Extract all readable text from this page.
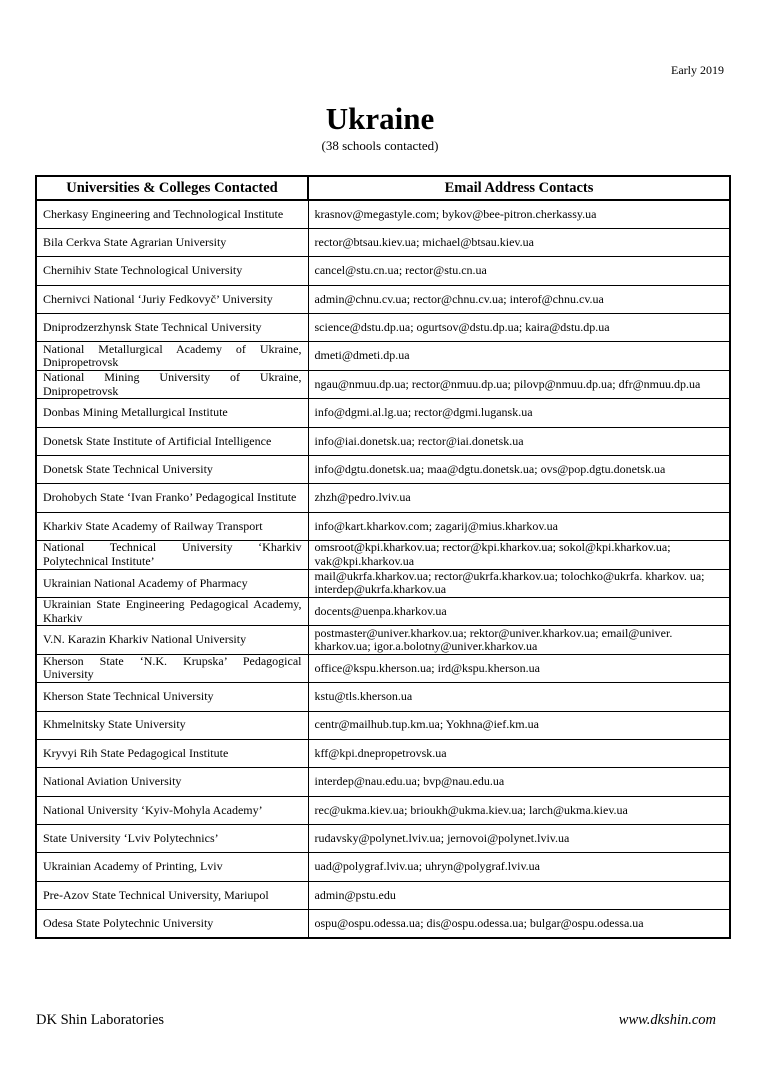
Early 2019
Ukraine
(38 schools contacted)
Universities & Colleges Contacted	Email Address Contacts
Cherkasy Engineering and Technological Institute	krasnov@megastyle.com; bykov@bee-pitron.cherkassy.ua
Bila Cerkva State Agrarian University	rector@btsau.kiev.ua; michael@btsau.kiev.ua
Chernihiv State Technological University	cancel@stu.cn.ua; rector@stu.cn.ua
Chernivci National ‘Juriy Fedkovyč’ University	admin@chnu.cv.ua; rector@chnu.cv.ua; interof@chnu.cv.ua
Dniprodzerzhynsk State Technical University	science@dstu.dp.ua; ogurtsov@dstu.dp.ua; kaira@dstu.dp.ua
National Metallurgical Academy of Ukraine, Dnipropetrovsk	dmeti@dmeti.dp.ua
National Mining University of Ukraine, Dnipropetrovsk	ngau@nmuu.dp.ua; rector@nmuu.dp.ua; pilovp@nmuu.dp.ua; dfr@nmuu.dp.ua
Donbas Mining Metallurgical Institute	info@dgmi.al.lg.ua; rector@dgmi.lugansk.ua
Donetsk State Institute of Artificial Intelligence	info@iai.donetsk.ua; rector@iai.donetsk.ua
Donetsk State Technical University	info@dgtu.donetsk.ua; maa@dgtu.donetsk.ua; ovs@pop.dgtu.donetsk.ua
Drohobych State ‘Ivan Franko’ Pedagogical Institute	zhzh@pedro.lviv.ua
Kharkiv State Academy of Railway Transport	info@kart.kharkov.com; zagarij@mius.kharkov.ua
National Technical University ‘Kharkiv Polytechnical Institute’	omsroot@kpi.kharkov.ua; rector@kpi.kharkov.ua; sokol@kpi.kharkov.ua; vak@kpi.kharkov.ua
Ukrainian National Academy of Pharmacy	mail@ukrfa.kharkov.ua; rector@ukrfa.kharkov.ua; tolochko@ukrfa. kharkov. ua; interdep@ukrfa.kharkov.ua
Ukrainian State Engineering Pedagogical Academy, Kharkiv	docents@uenpa.kharkov.ua
V.N. Karazin Kharkiv National University	postmaster@univer.kharkov.ua; rektor@univer.kharkov.ua; email@univer. kharkov.ua; igor.a.bolotny@univer.kharkov.ua
Kherson State ‘N.K. Krupska’ Pedagogical University	office@kspu.kherson.ua; ird@kspu.kherson.ua
Kherson State Technical University	kstu@tls.kherson.ua
Khmelnitsky State University	centr@mailhub.tup.km.ua; Yokhna@ief.km.ua
Kryvyi Rih State Pedagogical Institute	kff@kpi.dnepropetrovsk.ua
National Aviation University	interdep@nau.edu.ua; bvp@nau.edu.ua
National University ‘Kyiv-Mohyla Academy’	rec@ukma.kiev.ua; brioukh@ukma.kiev.ua; larch@ukma.kiev.ua
State University ‘Lviv Polytechnics’	rudavsky@polynet.lviv.ua; jernovoi@polynet.lviv.ua
Ukrainian Academy of Printing, Lviv	uad@polygraf.lviv.ua; uhryn@polygraf.lviv.ua
Pre-Azov State Technical University, Mariupol	admin@pstu.edu
Odesa State Polytechnic University	ospu@ospu.odessa.ua; dis@ospu.odessa.ua; bulgar@ospu.odessa.ua
DK Shin Laboratories	www.dkshin.com
